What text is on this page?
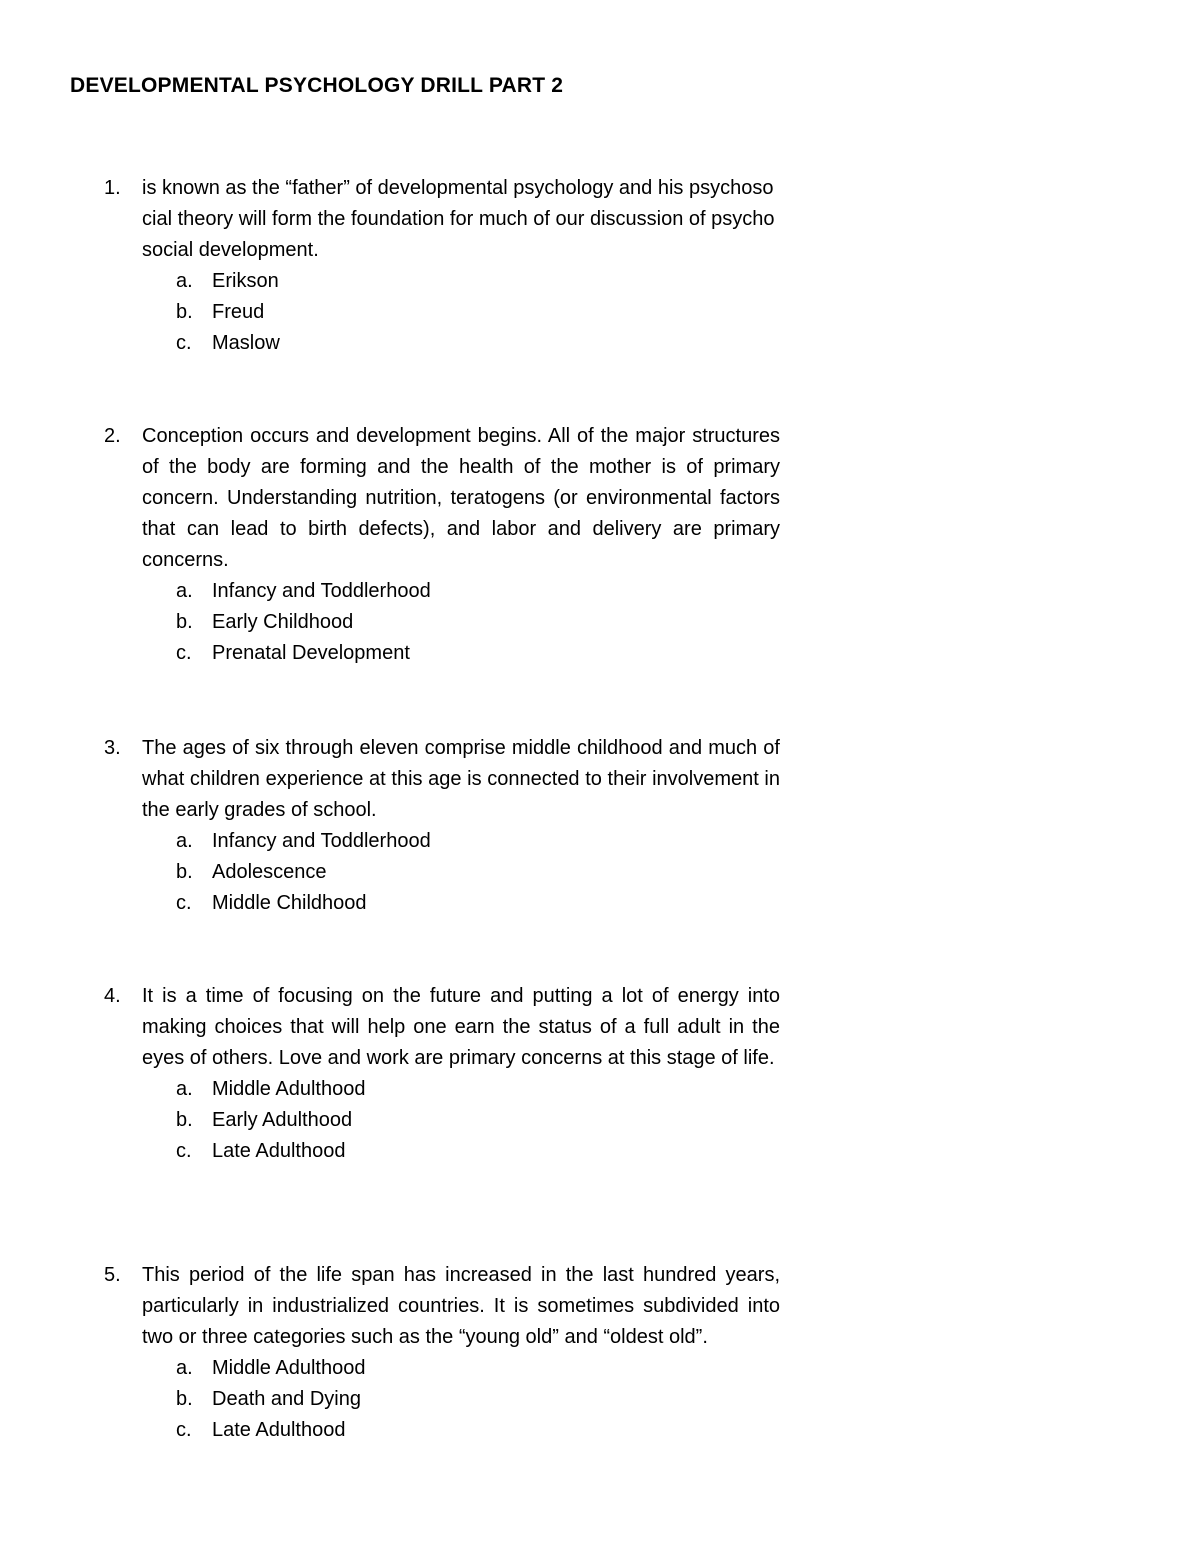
DEVELOPMENTAL PSYCHOLOGY DRILL PART 2
1. is known as the “father” of developmental psychology and his psychosocial theory will form the foundation for much of our discussion of psychosocial development.
a. Erikson
b. Freud
c. Maslow
2. Conception occurs and development begins. All of the major structures of the body are forming and the health of the mother is of primary concern. Understanding nutrition, teratogens (or environmental factors that can lead to birth defects), and labor and delivery are primary concerns.
a. Infancy and Toddlerhood
b. Early Childhood
c. Prenatal Development
3. The ages of six through eleven comprise middle childhood and much of what children experience at this age is connected to their involvement in the early grades of school.
a. Infancy and Toddlerhood
b. Adolescence
c. Middle Childhood
4. It is a time of focusing on the future and putting a lot of energy into making choices that will help one earn the status of a full adult in the eyes of others. Love and work are primary concerns at this stage of life.
a. Middle Adulthood
b. Early Adulthood
c. Late Adulthood
5. This period of the life span has increased in the last hundred years, particularly in industrialized countries. It is sometimes subdivided into two or three categories such as the “young old” and “oldest old”.
a. Middle Adulthood
b. Death and Dying
c. Late Adulthood
